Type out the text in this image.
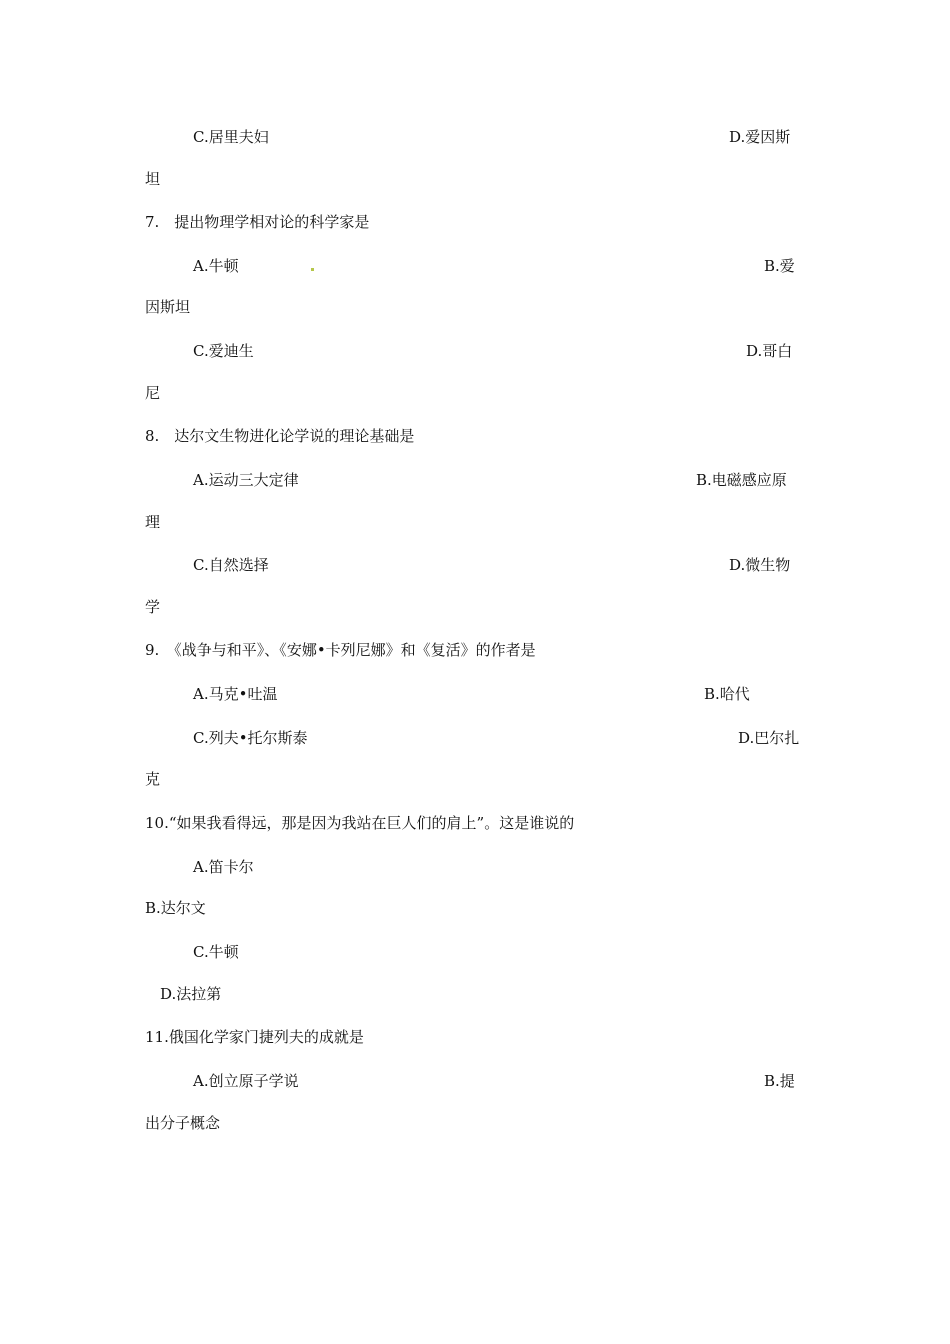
C.居里夫妇	D.爱因斯
坦
7.　提出物理学相对论的科学家是
A.牛顿	B.爱
因斯坦
C.爱迪生	D.哥白
尼
8.　达尔文生物进化论学说的理论基础是
A.运动三大定律	B.电磁感应原
理
C.自然选择	D.微生物
学
9.　《战争与和平》、《安娜•卡列尼娜》和《复活》的作者是
A.马克•吐温	B.哈代
C.列夫•托尔斯泰	D.巴尔扎
克
10.“如果我看得远，那是因为我站在巨人们的肩上”。这是谁说的
A.笛卡尔
B.达尔文
C.牛顿
D.法拉第
11.俄国化学家门捷列夫的成就是
A.创立原子学说	B.提
出分子概念
